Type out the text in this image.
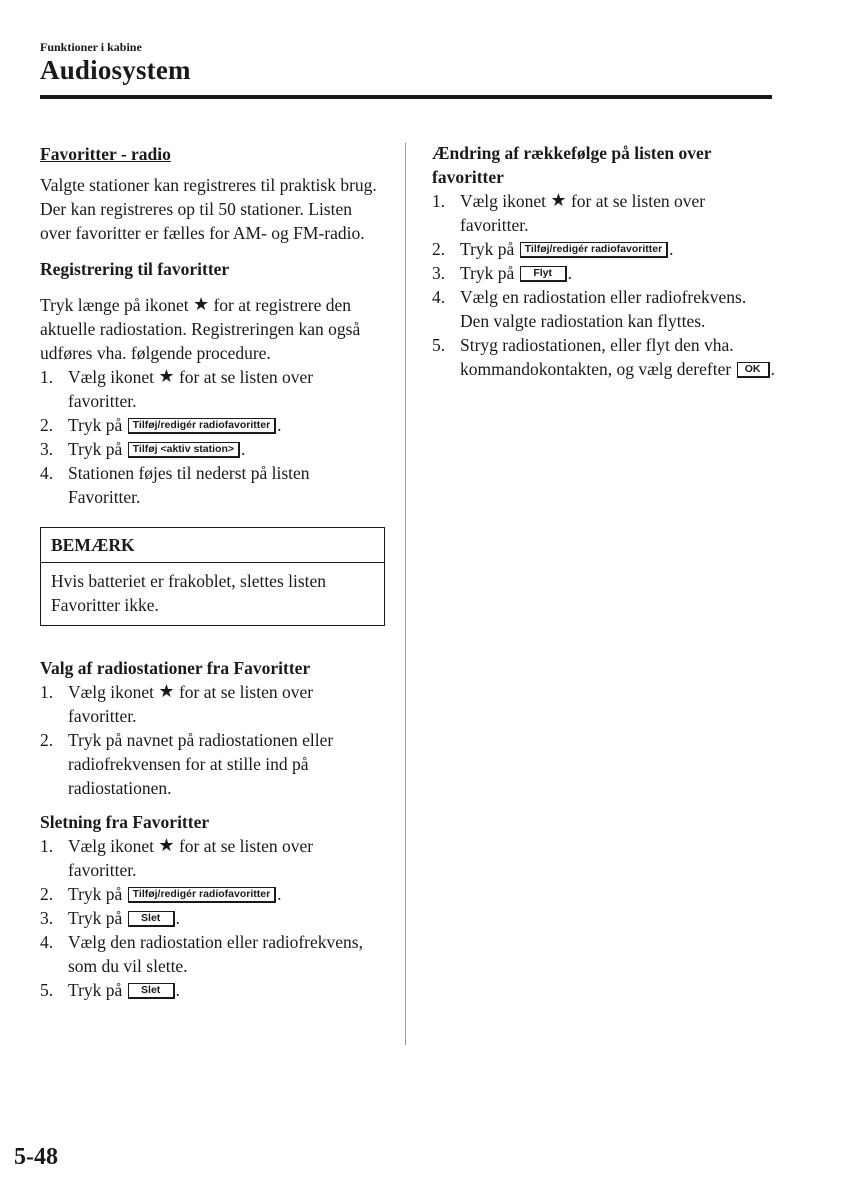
Funktioner i kabine
Audiosystem

Favoritter - radio

Valgte stationer kan registreres til praktisk brug. Der kan registreres op til 50 stationer. Listen over favoritter er fælles for AM- og FM-radio.

Registrering til favoritter

Tryk længe på ikonet ★ for at registrere den aktuelle radiostation. Registreringen kan også udføres vha. følgende procedure.

1. Vælg ikonet ★ for at se listen over favoritter.
2. Tryk på Tilføj/redigér radiofavoritter .
3. Tryk på Tilføj <aktiv station> .
4. Stationen føjes til nederst på listen Favoritter.
BEMÆRK
Hvis batteriet er frakoblet, slettes listen Favoritter ikke.

Valg af radiostationer fra Favoritter

1. Vælg ikonet ★ for at se listen over favoritter.
2. Tryk på navnet på radiostationen eller radiofrekvensen for at stille ind på radiostationen.

Sletning fra Favoritter

1. Vælg ikonet ★ for at se listen over favoritter.
2. Tryk på Tilføj/redigér radiofavoritter .
3. Tryk på Slet .
4. Vælg den radiostation eller radiofrekvens, som du vil slette.
5. Tryk på Slet .

Ændring af rækkefølge på listen over favoritter

1. Vælg ikonet ★ for at se listen over favoritter.
2. Tryk på Tilføj/redigér radiofavoritter .
3. Tryk på Flyt .
4. Vælg en radiostation eller radiofrekvens. Den valgte radiostation kan flyttes.
5. Stryg radiostationen, eller flyt den vha. kommandokontakten, og vælg derefter OK .
5-48
